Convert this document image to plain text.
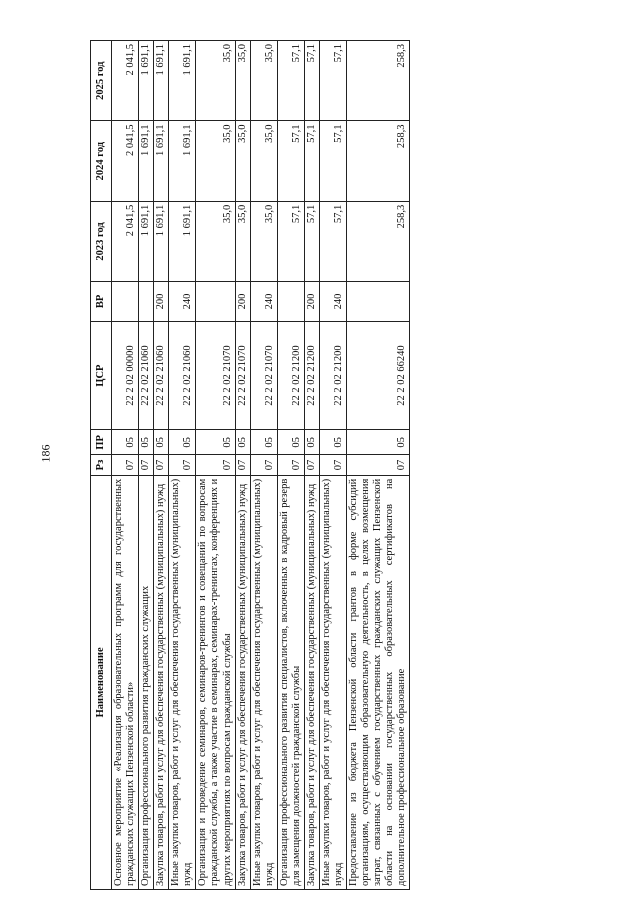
186
Наименование	Рз	ПР	ЦСР	ВР	2023 год	2024 год	2025 год
Основное мероприятие «Реализация образовательных программ для государственных гражданских служащих Пензенской области»	07	05	22 2 02 00000		2 041,5	2 041,5	2 041,5
Организация профессионального развития гражданских служащих	07	05	22 2 02 21060		1 691,1	1 691,1	1 691,1
Закупка товаров, работ и услуг для обеспечения государственных (муниципальных) нужд	07	05	22 2 02 21060	200	1 691,1	1 691,1	1 691,1
Иные закупки товаров, работ и услуг для обеспечения государственных (муниципальных) нужд	07	05	22 2 02 21060	240	1 691,1	1 691,1	1 691,1
Организация и проведение семинаров, семинаров-тренингов и совещаний по вопросам гражданской службы, а также участие в семинарах, семинарах-тренингах, конференциях и других мероприятиях по вопросам гражданской службы	07	05	22 2 02 21070		35,0	35,0	35,0
Закупка товаров, работ и услуг для обеспечения государственных (муниципальных) нужд	07	05	22 2 02 21070	200	35,0	35,0	35,0
Иные закупки товаров, работ и услуг для обеспечения государственных (муниципальных) нужд	07	05	22 2 02 21070	240	35,0	35,0	35,0
Организация профессионального развития специалистов, включенных в кадровый резерв для замещения должностей гражданской службы	07	05	22 2 02 21200		57,1	57,1	57,1
Закупка товаров, работ и услуг для обеспечения государственных (муниципальных) нужд	07	05	22 2 02 21200	200	57,1	57,1	57,1
Иные закупки товаров, работ и услуг для обеспечения государственных (муниципальных) нужд	07	05	22 2 02 21200	240	57,1	57,1	57,1
Предоставление из бюджета Пензенской области грантов в форме субсидий организациям, осуществляющим образовательную деятельность, в целях возмещения затрат, связанных с обучением государственных гражданских служащих Пензенской области на основании государственных образовательных сертификатов на дополнительное профессиональное образование	07	05	22 2 02 66240		258,3	258,3	258,3
